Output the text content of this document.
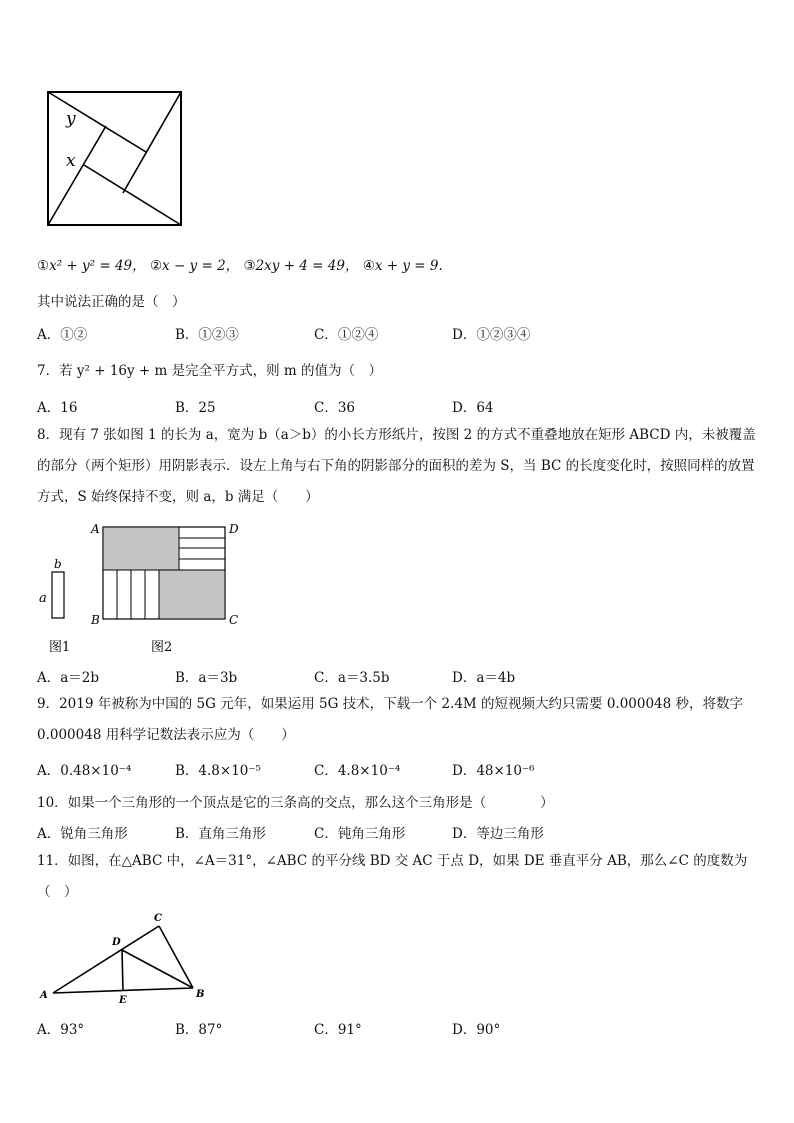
y
x
①x² + y² = 49， ②x − y = 2， ③2xy + 4 = 49， ④x + y = 9.
其中说法正确的是（　）
A．①②	B．①②③	C．①②④	D．①②③④
7．若 y² + 16y + m 是完全平方式，则 m 的值为（　）
A．16	B．25	C．36	D．64
8．现有 7 张如图 1 的长为 a，宽为 b（a＞b）的小长方形纸片，按图 2 的方式不重叠地放在矩形 ABCD 内，未被覆盖的部分（两个矩形）用阴影表示．设左上角与右下角的阴影部分的面积的差为 S，当 BC 的长度变化时，按照同样的放置方式，S 始终保持不变，则 a，b 满足（　　）
b
a
图1
A	D
B	C
图2
A．a＝2b	B．a＝3b	C．a＝3.5b	D．a＝4b
9．2019 年被称为中国的 5G 元年，如果运用 5G 技术，下载一个 2.4M 的短视频大约只需要 0.000048 秒，将数字 0.000048 用科学记数法表示应为（　　）
A．0.48×10⁻⁴	B．4.8×10⁻⁵	C．4.8×10⁻⁴	D．48×10⁻⁶
10．如果一个三角形的一个顶点是它的三条高的交点，那么这个三角形是（　　　　）
A．锐角三角形	B．直角三角形	C．钝角三角形	D．等边三角形
11．如图，在△ABC 中，∠A＝31°，∠ABC 的平分线 BD 交 AC 于点 D，如果 DE 垂直平分 AB，那么∠C 的度数为（　）
A	B
C
D
E
A．93°	B．87°	C．91°	D．90°
